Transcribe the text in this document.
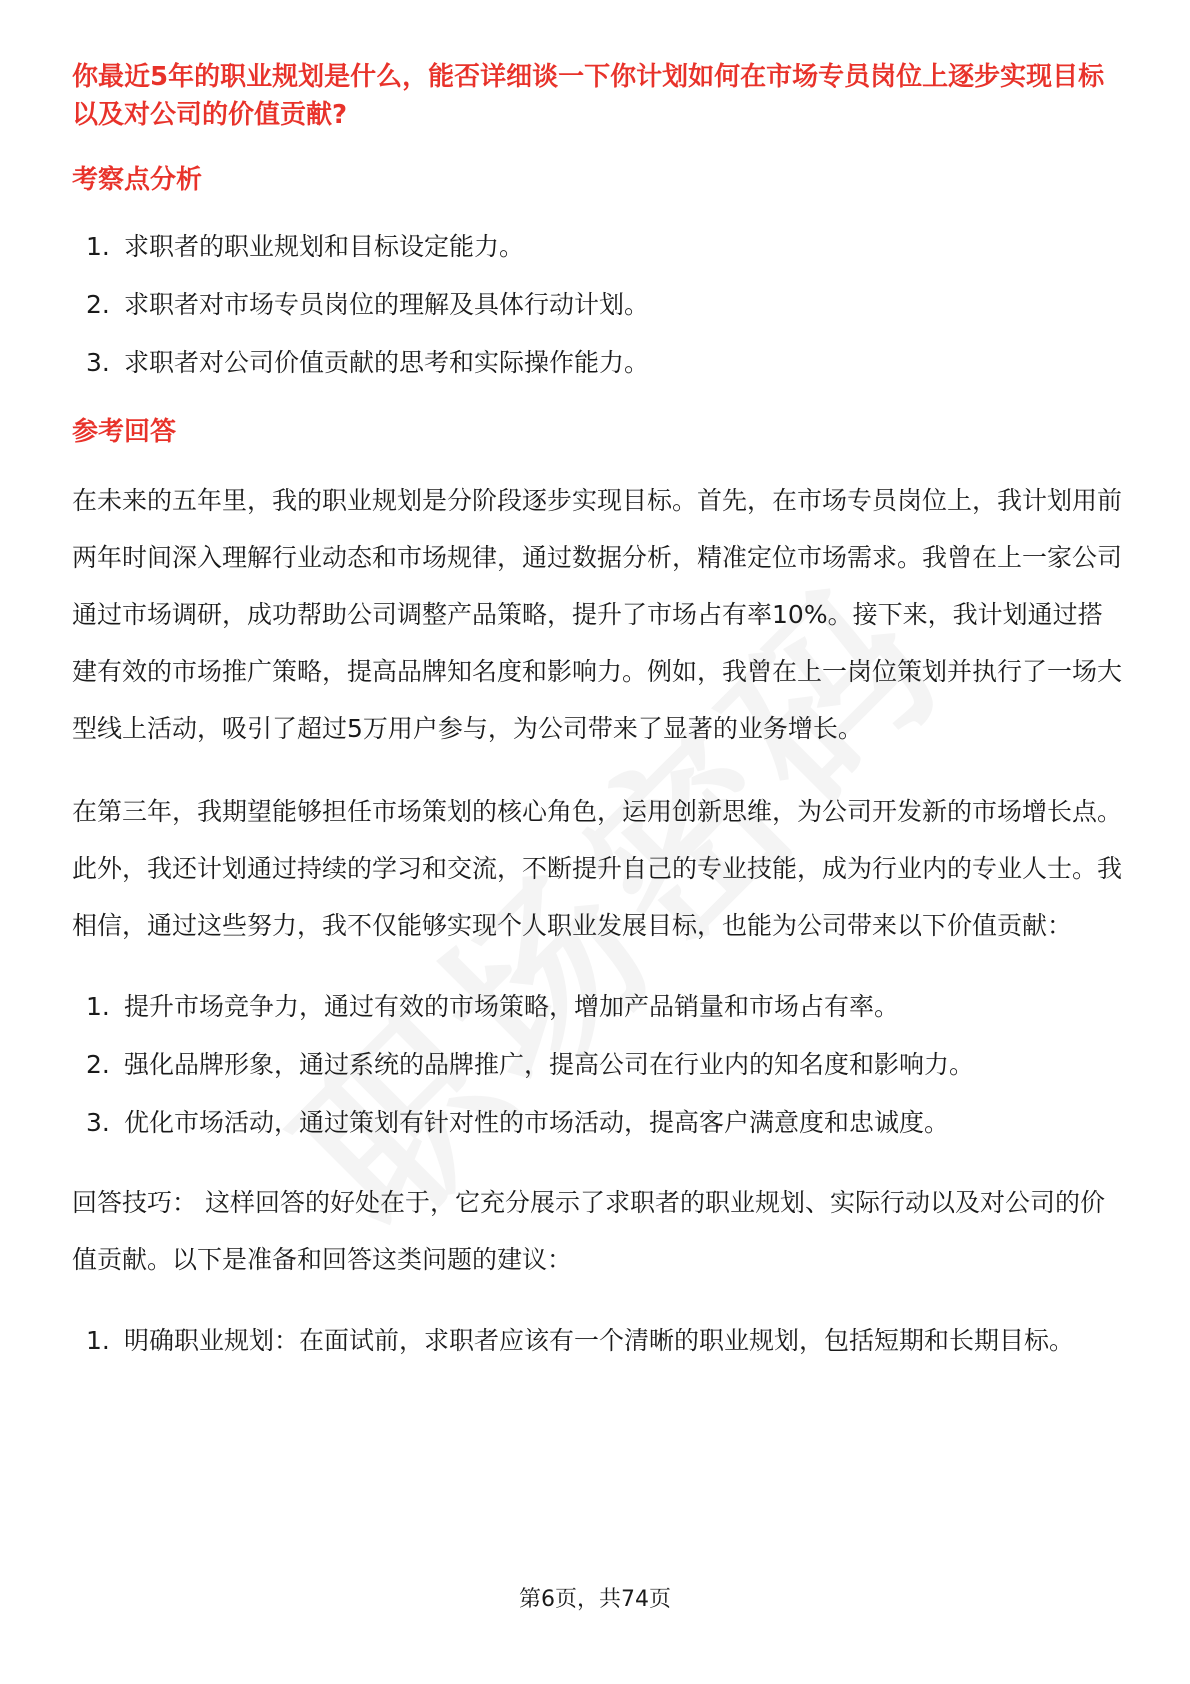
你最近5年的职业规划是什么，能否详细谈一下你计划如何在市场专员岗位上逐步实现目标以及对公司的价值贡献?

考察点分析
1. 求职者的职业规划和目标设定能力。
2. 求职者对市场专员岗位的理解及具体行动计划。
3. 求职者对公司价值贡献的思考和实际操作能力。
参考回答

在未来的五年里，我的职业规划是分阶段逐步实现目标。首先，在市场专员岗位上，我计划用前两年时间深入理解行业动态和市场规律，通过数据分析，精准定位市场需求。我曾在上一家公司通过市场调研，成功帮助公司调整产品策略，提升了市场占有率10%。接下来，我计划通过搭建有效的市场推广策略，提高品牌知名度和影响力。例如，我曾在上一岗位策划并执行了一场大型线上活动，吸引了超过5万用户参与，为公司带来了显著的业务增长。

在第三年，我期望能够担任市场策划的核心角色，运用创新思维，为公司开发新的市场增长点。此外，我还计划通过持续的学习和交流，不断提升自己的专业技能，成为行业内的专业人士。我相信，通过这些努力，我不仅能够实现个人职业发展目标，也能为公司带来以下价值贡献：

1. 提升市场竞争力，通过有效的市场策略，增加产品销量和市场占有率。
2. 强化品牌形象，通过系统的品牌推广，提高公司在行业内的知名度和影响力。
3. 优化市场活动，通过策划有针对性的市场活动，提高客户满意度和忠诚度。

回答技巧： 这样回答的好处在于，它充分展示了求职者的职业规划、实际行动以及对公司的价值贡献。以下是准备和回答这类问题的建议：

1. 明确职业规划：在面试前，求职者应该有一个清晰的职业规划，包括短期和长期目标。
第6页，共74页
